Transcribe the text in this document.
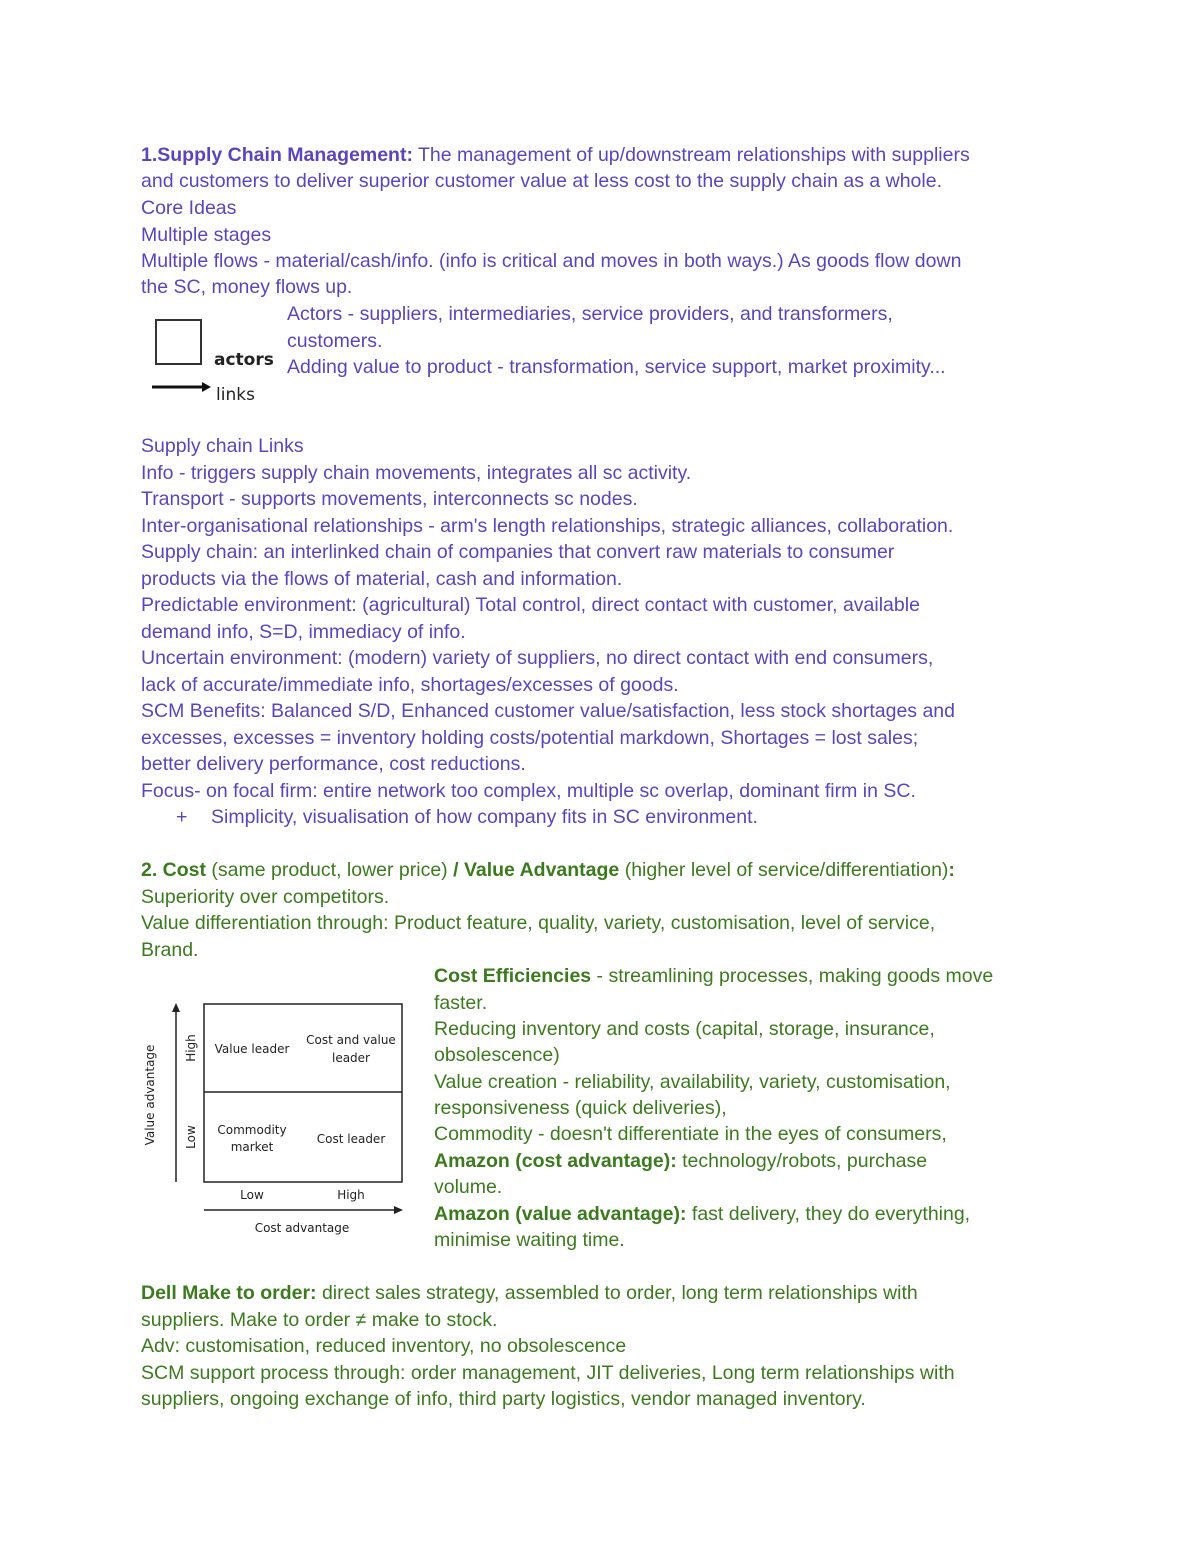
1.Supply Chain Management: The management of up/downstream relationships with suppliers
and customers to deliver superior customer value at less cost to the supply chain as a whole.
Core Ideas
Multiple stages
Multiple flows - material/cash/info. (info is critical and moves in both ways.) As goods flow down
the SC, money flows up.
actors
links
Actors - suppliers, intermediaries, service providers, and transformers,
customers.
Adding value to product - transformation, service support, market proximity...
Supply chain Links
Info - triggers supply chain movements, integrates all sc activity.
Transport - supports movements, interconnects sc nodes.
Inter-organisational relationships - arm's length relationships, strategic alliances, collaboration.
Supply chain: an interlinked chain of companies that convert raw materials to consumer
products via the flows of material, cash and information.
Predictable environment: (agricultural) Total control, direct contact with customer, available
demand info, S=D, immediacy of info.
Uncertain environment: (modern) variety of suppliers, no direct contact with end consumers,
lack of accurate/immediate info, shortages/excesses of goods.
SCM Benefits: Balanced S/D, Enhanced customer value/satisfaction, less stock shortages and
excesses, excesses = inventory holding costs/potential markdown, Shortages = lost sales;
better delivery performance, cost reductions.
Focus- on focal firm: entire network too complex, multiple sc overlap, dominant firm in SC.
+ Simplicity, visualisation of how company fits in SC environment.
2. Cost (same product, lower price) / Value Advantage (higher level of service/differentiation):
Superiority over competitors.
Value differentiation through: Product feature, quality, variety, customisation, level of service,
Brand.
Value advantage High
Low
Value leader
Cost and value
leader
Commodity
market
Cost leader
Low	High
Cost advantage
Cost Efficiencies - streamlining processes, making goods move
faster.
Reducing inventory and costs (capital, storage, insurance,
obsolescence)
Value creation - reliability, availability, variety, customisation,
responsiveness (quick deliveries),
Commodity - doesn't differentiate in the eyes of consumers,
Amazon (cost advantage): technology/robots, purchase
volume.
Amazon (value advantage): fast delivery, they do everything,
minimise waiting time.
Dell Make to order: direct sales strategy, assembled to order, long term relationships with
suppliers. Make to order ≠ make to stock.
Adv: customisation, reduced inventory, no obsolescence
SCM support process through: order management, JIT deliveries, Long term relationships with
suppliers, ongoing exchange of info, third party logistics, vendor managed inventory.
